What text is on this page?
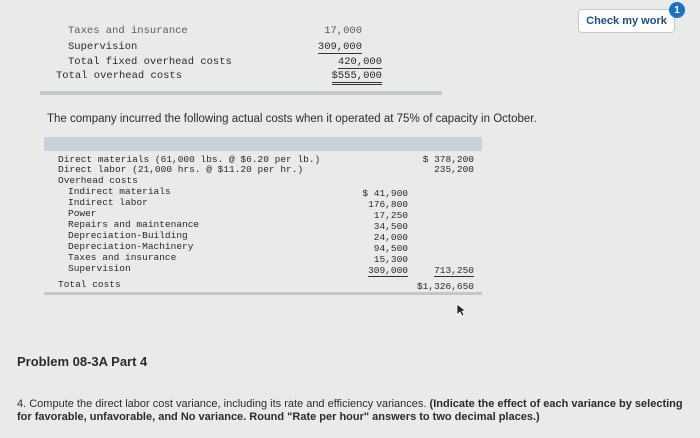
Taxes and insurance	17,000
Supervision	309,000
Total fixed overhead costs	420,000
Total overhead costs	$555,000
Check my work
1
The company incurred the following actual costs when it operated at 75% of capacity in October.
Direct materials (61,000 lbs. @ $6.20 per lb.)	$ 378,200
Direct labor (21,000 hrs. @ $11.20 per hr.)	235,200
Overhead costs
Indirect materials	$ 41,900
Indirect labor	176,800
Power	17,250
Repairs and maintenance	34,500
Depreciation-Building	24,000
Depreciation-Machinery	94,500
Taxes and insurance	15,300
Supervision	309,000	713,250
Total costs	$1,326,650
Problem 08-3A Part 4
4. Compute the direct labor cost variance, including its rate and efficiency variances. (Indicate the effect of each variance by selecting for favorable, unfavorable, and No variance. Round "Rate per hour" answers to two decimal places.)
